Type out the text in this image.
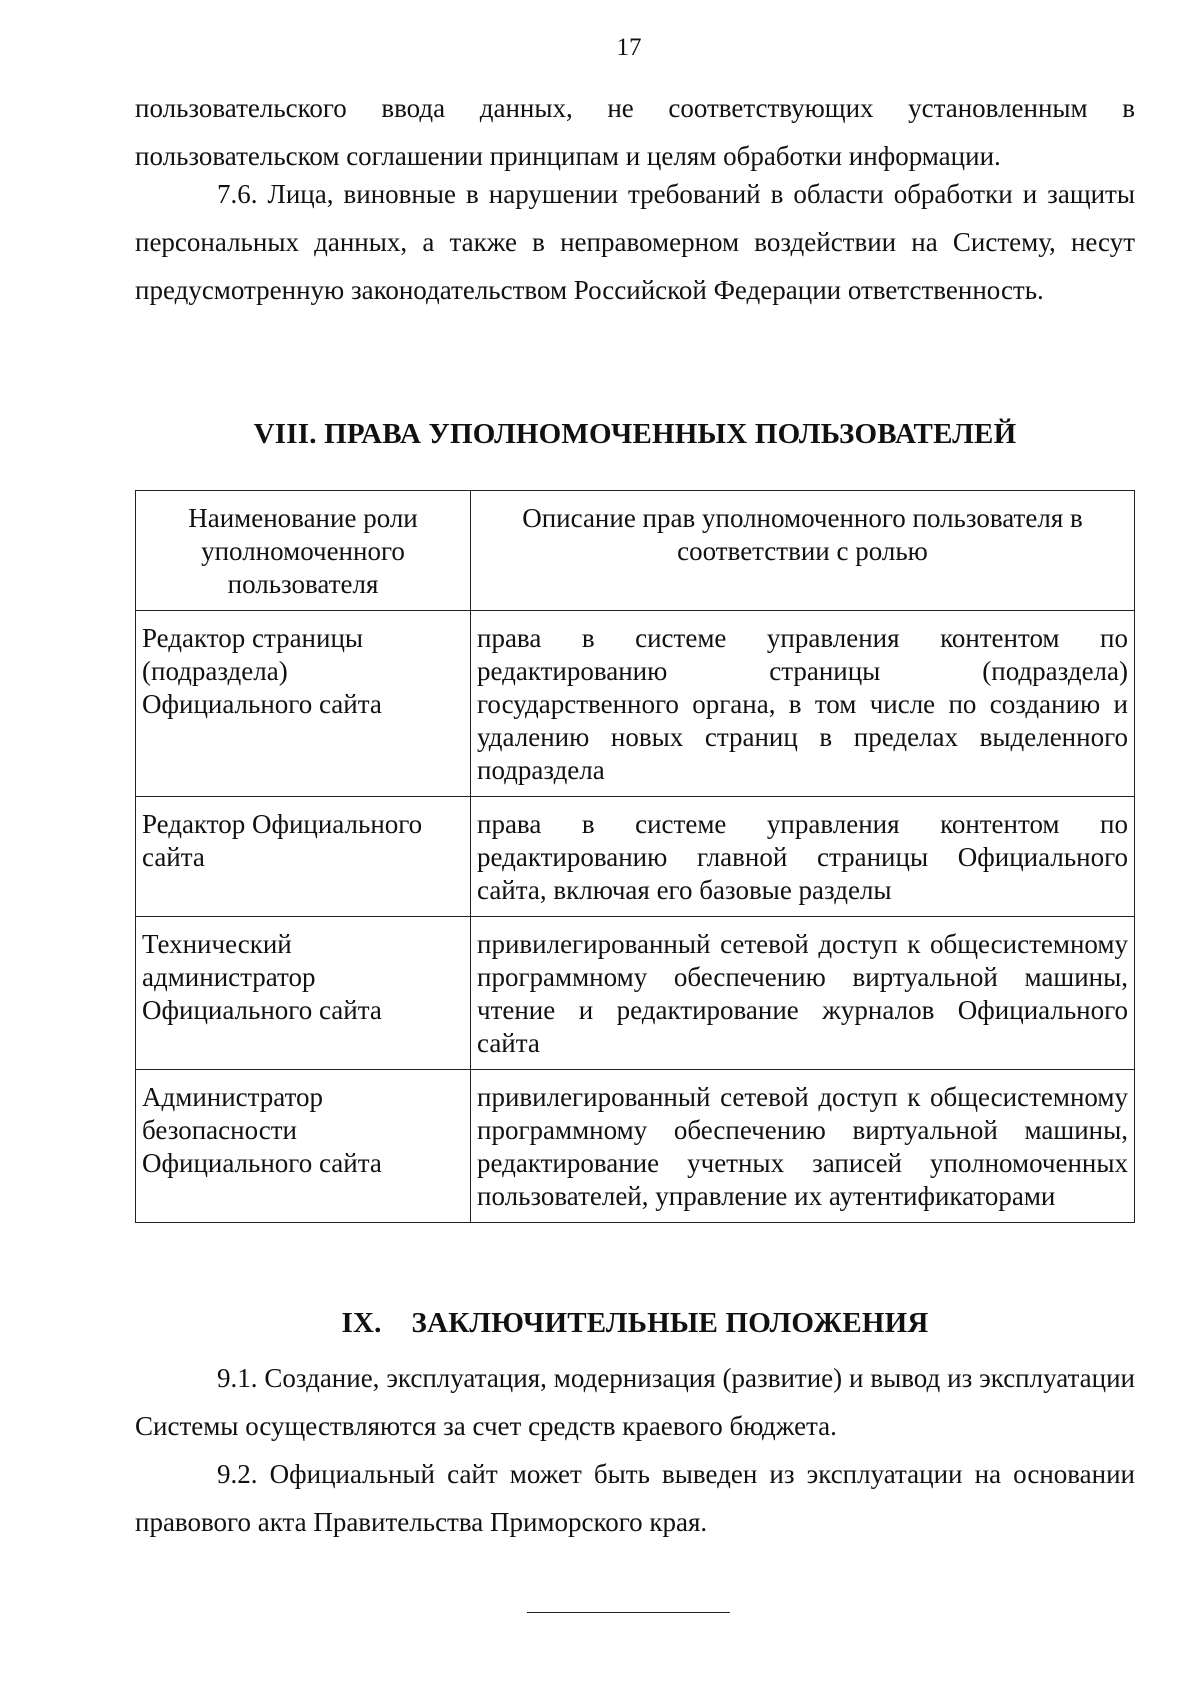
17

пользовательского ввода данных, не соответствующих установленным в пользовательском соглашении принципам и целям обработки информации.

7.6. Лица, виновные в нарушении требований в области обработки и защиты персональных данных, а также в неправомерном воздействии на Систему, несут предусмотренную законодательством Российской Федерации ответственность.

VIII. ПРАВА УПОЛНОМОЧЕННЫХ ПОЛЬЗОВАТЕЛЕЙ
Наименование роли уполномоченного пользователя	Описание прав уполномоченного пользователя в соответствии с ролью
Редактор страницы (подраздела) Официального сайта	права в системе управления контентом по редактированию страницы (подраздела) государственного органа, в том числе по созданию и удалению новых страниц в пределах выделенного подраздела
Редактор Официального сайта	права в системе управления контентом по редактированию главной страницы Официального сайта, включая его базовые разделы
Технический администратор Официального сайта	привилегированный сетевой доступ к общесистемному программному обеспечению виртуальной машины, чтение и редактирование журналов Официального сайта
Администратор безопасности Официального сайта	привилегированный сетевой доступ к общесистемному программному обеспечению виртуальной машины, редактирование учетных записей уполномоченных пользователей, управление их аутентификаторами
IX. ЗАКЛЮЧИТЕЛЬНЫЕ ПОЛОЖЕНИЯ

9.1. Создание, эксплуатация, модернизация (развитие) и вывод из эксплуатации Системы осуществляются за счет средств краевого бюджета.

9.2. Официальный сайт может быть выведен из эксплуатации на основании правового акта Правительства Приморского края.
